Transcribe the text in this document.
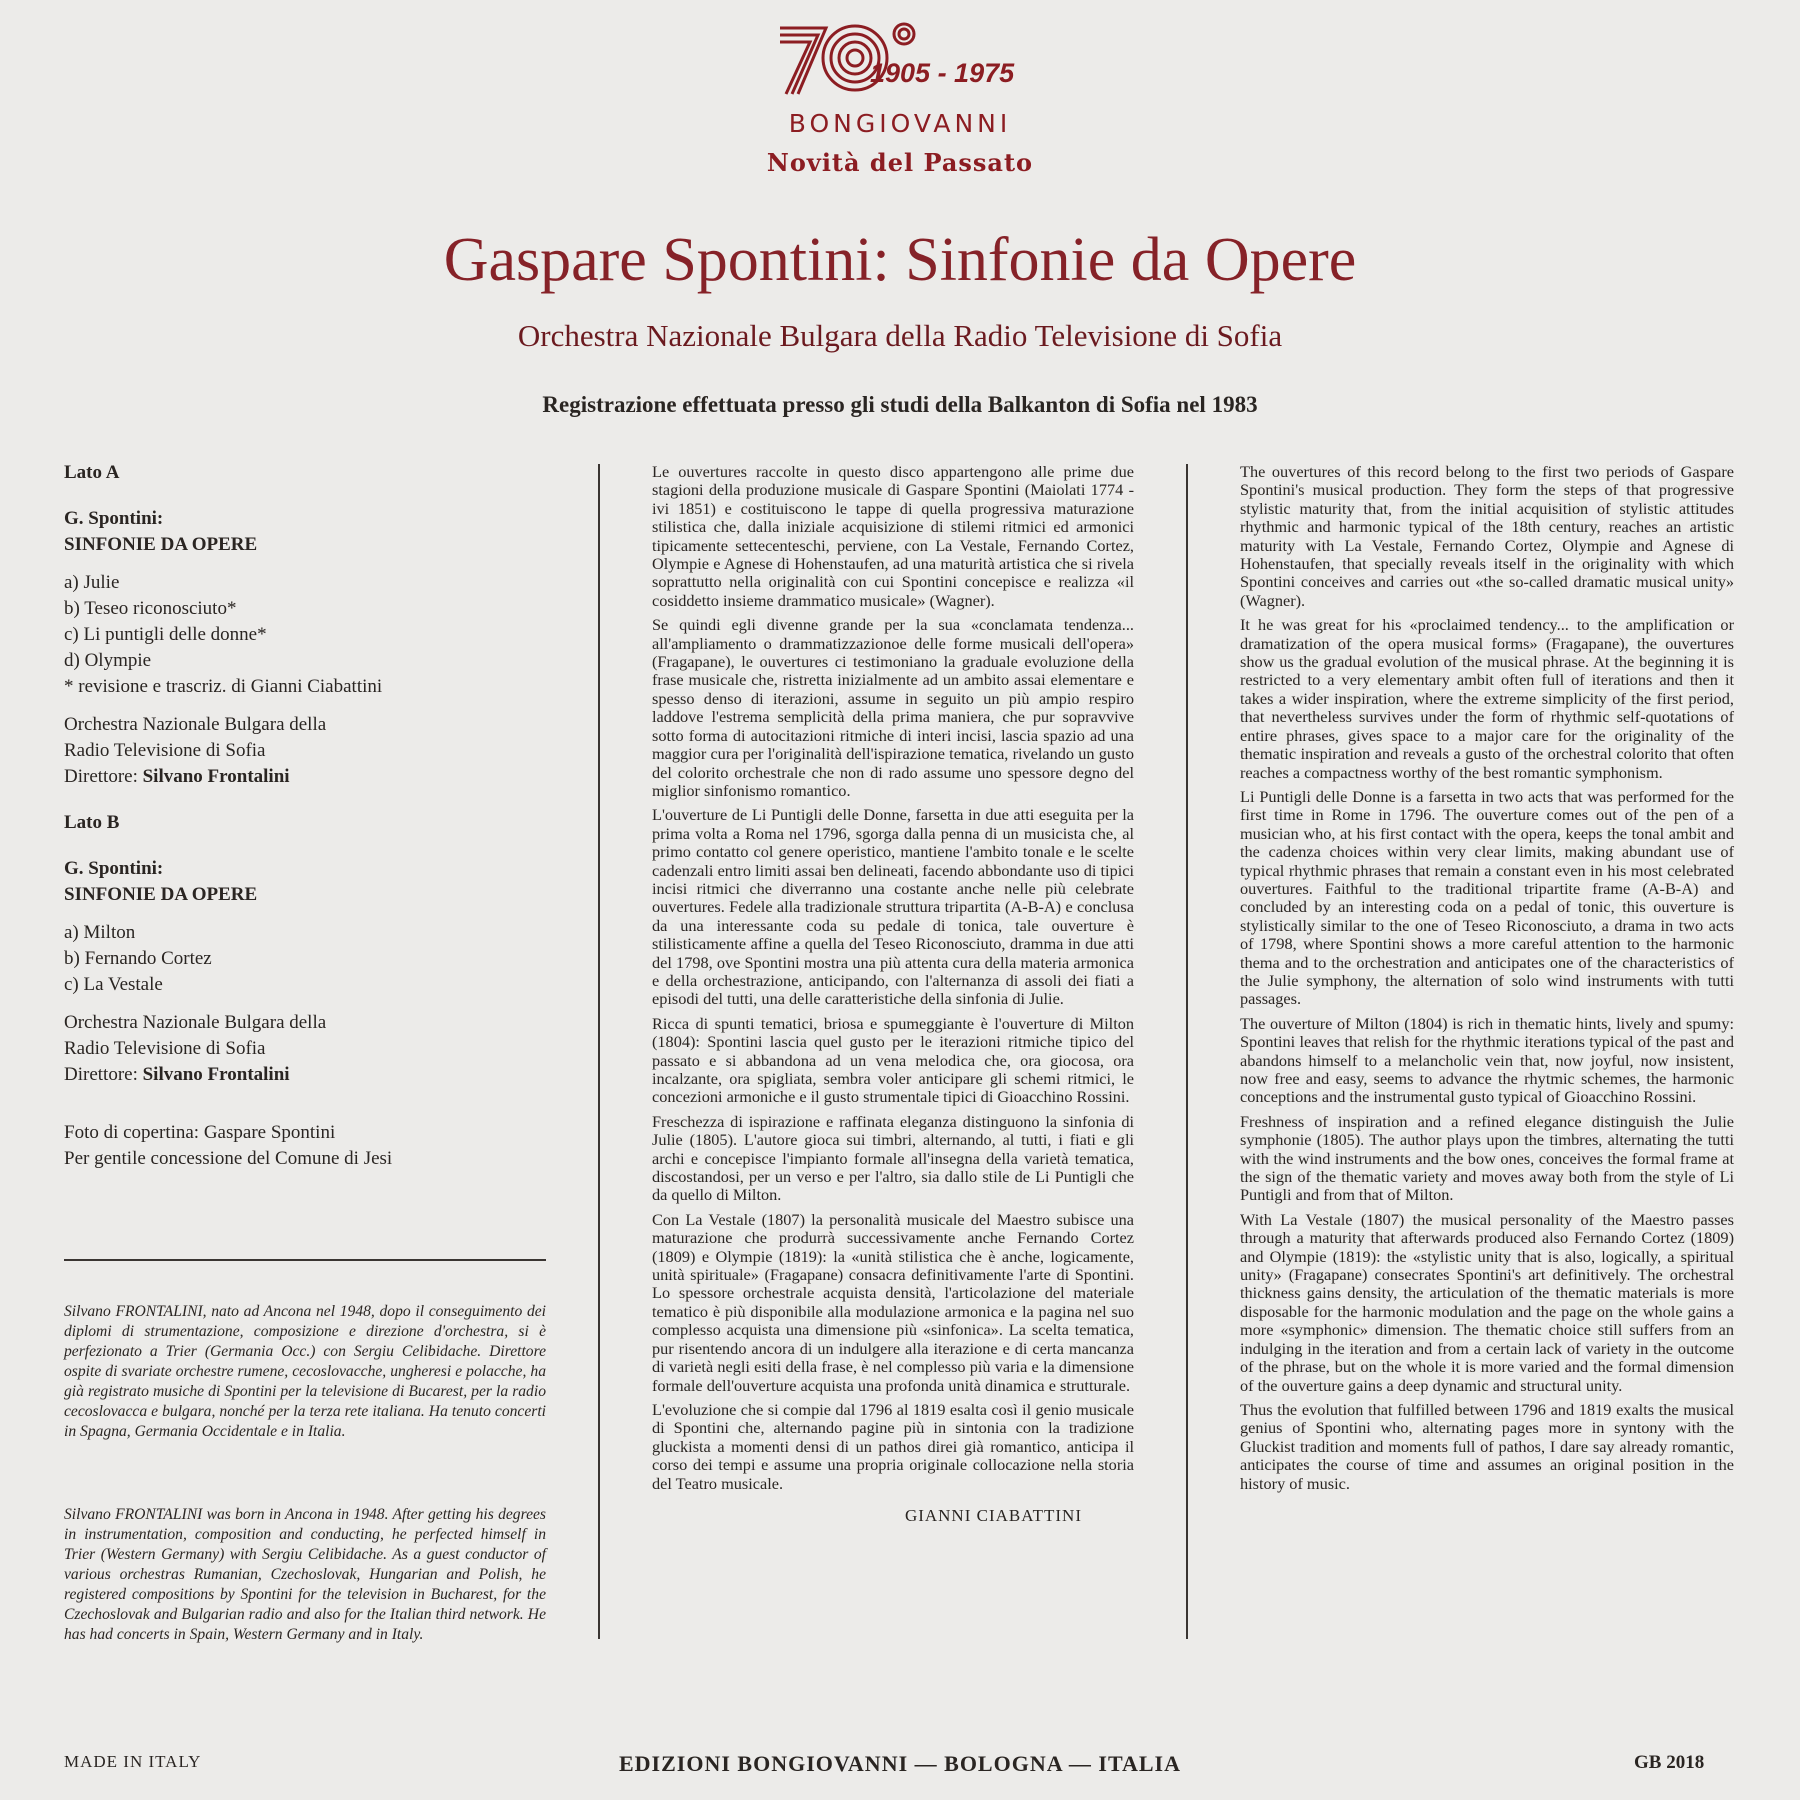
1905 - 1975
BONGIOVANNI
Novità del Passato
Gaspare Spontini: Sinfonie da Opere
Orchestra Nazionale Bulgara della Radio Televisione di Sofia
Registrazione effettuata presso gli studi della Balkanton di Sofia nel 1983
Lato A
G. Spontini:
SINFONIE DA OPERE
a) Julie
b) Teseo riconosciuto*
c) Li puntigli delle donne*
d) Olympie
* revisione e trascriz. di Gianni Ciabattini
Orchestra Nazionale Bulgara della
Radio Televisione di Sofia
Direttore: Silvano Frontalini
Lato B
G. Spontini:
SINFONIE DA OPERE
a) Milton
b) Fernando Cortez
c) La Vestale
Orchestra Nazionale Bulgara della
Radio Televisione di Sofia
Direttore: Silvano Frontalini
Foto di copertina: Gaspare Spontini
Per gentile concessione del Comune di Jesi

Silvano FRONTALINI, nato ad Ancona nel 1948, dopo il conseguimento dei diplomi di strumentazione, composizione e direzione d'orchestra, si è perfezionato a Trier (Germania Occ.) con Sergiu Celibidache. Direttore ospite di svariate orchestre rumene, cecoslovacche, ungheresi e polacche, ha già registrato musiche di Spontini per la televisione di Bucarest, per la radio cecoslovacca e bulgara, nonché per la terza rete italiana. Ha tenuto concerti in Spagna, Germania Occidentale e in Italia.

Silvano FRONTALINI was born in Ancona in 1948. After getting his degrees in instrumentation, composition and conducting, he perfected himself in Trier (Western Germany) with Sergiu Celibidache. As a guest conductor of various orchestras Rumanian, Czechoslovak, Hungarian and Polish, he registered compositions by Spontini for the television in Bucharest, for the Czechoslovak and Bulgarian radio and also for the Italian third network. He has had concerts in Spain, Western Germany and in Italy.

Le ouvertures raccolte in questo disco appartengono alle prime due stagioni della produzione musicale di Gaspare Spontini (Maiolati 1774 - ivi 1851) e costituiscono le tappe di quella progressiva maturazione stilistica che, dalla iniziale acquisizione di stilemi ritmici ed armonici tipicamente settecenteschi, perviene, con La Vestale, Fernando Cortez, Olympie e Agnese di Hohenstaufen, ad una maturità artistica che si rivela soprattutto nella originalità con cui Spontini concepisce e realizza «il cosiddetto insieme drammatico musicale» (Wagner).

Se quindi egli divenne grande per la sua «conclamata tendenza... all'ampliamento o drammatizzazionoe delle forme musicali dell'opera» (Fragapane), le ouvertures ci testimoniano la graduale evoluzione della frase musicale che, ristretta inizialmente ad un ambito assai elementare e spesso denso di iterazioni, assume in seguito un più ampio respiro laddove l'estrema semplicità della prima maniera, che pur sopravvive sotto forma di autocitazioni ritmiche di interi incisi, lascia spazio ad una maggior cura per l'originalità dell'ispirazione tematica, rivelando un gusto del colorito orchestrale che non di rado assume uno spessore degno del miglior sinfonismo romantico.

L'ouverture de Li Puntigli delle Donne, farsetta in due atti eseguita per la prima volta a Roma nel 1796, sgorga dalla penna di un musicista che, al primo contatto col genere operistico, mantiene l'ambito tonale e le scelte cadenzali entro limiti assai ben delineati, facendo abbondante uso di tipici incisi ritmici che diverranno una costante anche nelle più celebrate ouvertures. Fedele alla tradizionale struttura tripartita (A-B-A) e conclusa da una interessante coda su pedale di tonica, tale ouverture è stilisticamente affine a quella del Teseo Riconosciuto, dramma in due atti del 1798, ove Spontini mostra una più attenta cura della materia armonica e della orchestrazione, anticipando, con l'alternanza di assoli dei fiati a episodi del tutti, una delle caratteristiche della sinfonia di Julie.

Ricca di spunti tematici, briosa e spumeggiante è l'ouverture di Milton (1804): Spontini lascia quel gusto per le iterazioni ritmiche tipico del passato e si abbandona ad un vena melodica che, ora giocosa, ora incalzante, ora spigliata, sembra voler anticipare gli schemi ritmici, le concezioni armoniche e il gusto strumentale tipici di Gioacchino Rossini.

Freschezza di ispirazione e raffinata eleganza distinguono la sinfonia di Julie (1805). L'autore gioca sui timbri, alternando, al tutti, i fiati e gli archi e concepisce l'impianto formale all'insegna della varietà tematica, discostandosi, per un verso e per l'altro, sia dallo stile de Li Puntigli che da quello di Milton.

Con La Vestale (1807) la personalità musicale del Maestro subisce una maturazione che produrrà successivamente anche Fernando Cortez (1809) e Olympie (1819): la «unità stilistica che è anche, logicamente, unità spirituale» (Fragapane) consacra definitivamente l'arte di Spontini. Lo spessore orchestrale acquista densità, l'articolazione del materiale tematico è più disponibile alla modulazione armonica e la pagina nel suo complesso acquista una dimensione più «sinfonica». La scelta tematica, pur risentendo ancora di un indulgere alla iterazione e di certa mancanza di varietà negli esiti della frase, è nel complesso più varia e la dimensione formale dell'ouverture acquista una profonda unità dinamica e strutturale.

L'evoluzione che si compie dal 1796 al 1819 esalta così il genio musicale di Spontini che, alternando pagine più in sintonia con la tradizione gluckista a momenti densi di un pathos direi già romantico, anticipa il corso dei tempi e assume una propria originale collocazione nella storia del Teatro musicale.

GIANNI CIABATTINI

The ouvertures of this record belong to the first two periods of Gaspare Spontini's musical production. They form the steps of that progressive stylistic maturity that, from the initial acquisition of stylistic attitudes rhythmic and harmonic typical of the 18th century, reaches an artistic maturity with La Vestale, Fernando Cortez, Olympie and Agnese di Hohenstaufen, that specially reveals itself in the originality with which Spontini conceives and carries out «the so-called dramatic musical unity» (Wagner).

It he was great for his «proclaimed tendency... to the amplification or dramatization of the opera musical forms» (Fragapane), the ouvertures show us the gradual evolution of the musical phrase. At the beginning it is restricted to a very elementary ambit often full of iterations and then it takes a wider inspiration, where the extreme simplicity of the first period, that nevertheless survives under the form of rhythmic self-quotations of entire phrases, gives space to a major care for the originality of the thematic inspiration and reveals a gusto of the orchestral colorito that often reaches a compactness worthy of the best romantic symphonism.

Li Puntigli delle Donne is a farsetta in two acts that was performed for the first time in Rome in 1796. The ouverture comes out of the pen of a musician who, at his first contact with the opera, keeps the tonal ambit and the cadenza choices within very clear limits, making abundant use of typical rhythmic phrases that remain a constant even in his most celebrated ouvertures. Faithful to the traditional tripartite frame (A-B-A) and concluded by an interesting coda on a pedal of tonic, this ouverture is stylistically similar to the one of Teseo Riconosciuto, a drama in two acts of 1798, where Spontini shows a more careful attention to the harmonic thema and to the orchestration and anticipates one of the characteristics of the Julie symphony, the alternation of solo wind instruments with tutti passages.

The ouverture of Milton (1804) is rich in thematic hints, lively and spumy: Spontini leaves that relish for the rhythmic iterations typical of the past and abandons himself to a melancholic vein that, now joyful, now insistent, now free and easy, seems to advance the rhytmic schemes, the harmonic conceptions and the instrumental gusto typical of Gioacchino Rossini.

Freshness of inspiration and a refined elegance distinguish the Julie symphonie (1805). The author plays upon the timbres, alternating the tutti with the wind instruments and the bow ones, conceives the formal frame at the sign of the thematic variety and moves away both from the style of Li Puntigli and from that of Milton.

With La Vestale (1807) the musical personality of the Maestro passes through a maturity that afterwards produced also Fernando Cortez (1809) and Olympie (1819): the «stylistic unity that is also, logically, a spiritual unity» (Fragapane) consecrates Spontini's art definitively. The orchestral thickness gains density, the articulation of the thematic materials is more disposable for the harmonic modulation and the page on the whole gains a more «symphonic» dimension. The thematic choice still suffers from an indulging in the iteration and from a certain lack of variety in the outcome of the phrase, but on the whole it is more varied and the formal dimension of the ouverture gains a deep dynamic and structural unity.

Thus the evolution that fulfilled between 1796 and 1819 exalts the musical genius of Spontini who, alternating pages more in syntony with the Gluckist tradition and moments full of pathos, I dare say already romantic, anticipates the course of time and assumes an original position in the history of music.

MADE IN ITALY	EDIZIONI BONGIOVANNI — BOLOGNA — ITALIA	GB 2018
